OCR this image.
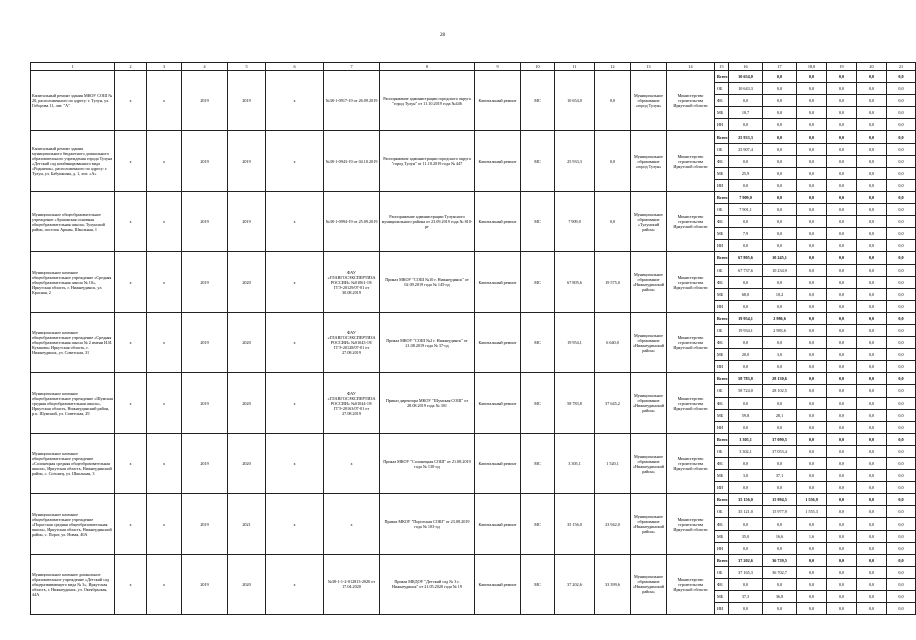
28
1	2	3	4	5	6	7	8	9	10	11	12	13	14	15	16	17	18,0	19	20	21
Капитальный ремонт здания МКОУ СОШ № 20, расположенного по адресу: г. Тулун, ул. Гоборова 11, лит. "А"	х	х	2019	2019	х	№38-1-0917-19 от 26.09.2019	Распоряжение администрации городского округа "город Тулун" от 11.10.2019 года №446	Капитальный ремонт	МС	10 654,0	0,0	Муниципальное образование «город Тулун»	Министерство строительства Иркутской области	Всего	10 654,0	0,0	0,0	0,0	0,0	0,0
														ОБ	10 643,3	0,0	0,0	0,0	0,0	0,0
														ФБ	0,0	0,0	0,0	0,0	0,0	0,0
														МБ	10,7	0,0	0,0	0,0	0,0	0,0
														ИИ	0,0	0,0	0,0	0,0	0,0	0,0
Капитальный ремонт здания муниципального бюджетного дошкольного образовательного учреждения города Тулуна «Детский сад комбинированного вида «Родничок», расположенного по адресу: г. Тулун, ул. Бабушкина, д. 1, лит. «А»	х	х	2019	2019	х	№38-1-0943-19 от 04.10.2019	Распоряжение администрации городского округа "город Тулун" от 11.10.2019 года № 447	Капитальный ремонт	МС	25 933,3	0,0	Муниципальное образование «город Тулун»	Министерство строительства Иркутской области	Всего	25 933,3	0,0	0,0	0,0	0,0	0,0
														ОБ	25 907,4	0,0	0,0	0,0	0,0	0,0
														ФБ	0,0	0,0	0,0	0,0	0,0	0,0
														МБ	25,9	0,0	0,0	0,0	0,0	0,0
														ИИ	0,0	0,0	0,0	0,0	0,0	0,0
Муниципальное общеобразовательное учреждение «Аршанская основная общеобразовательная школа» Тулунский район, поселок Аршан, Школьная, 1	х	х	2019	2019	х	№38-1-0994-19 от 25.09.2019	Распоряжение администрации Тулунского муниципального района от 23.09.2019 года № 810-рг	Капитальный ремонт	МС	7 909,0	0,0	Муниципальное образование «Тулунский район»	Министерство строительства Иркутской области	Всего	7 909,0	0,0	0,0	0,0	0,0	0,0
														ОБ	7 901,1	0,0	0,0	0,0	0,0	0,0
														ФБ	0,0	0,0	0,0	0,0	0,0	0,0
														МБ	7,9	0,0	0,0	0,0	0,0	0,0
														ИИ	0,0	0,0	0,0	0,0	0,0	0,0
Муниципальное казенное общеобразовательное учреждение «Средняя общеобразовательная школа № 10», Иркутская область, г. Нижнеудинск, ул. Красная, 2	х	х	2019	2020	х	ФАУ «ГЛАВГОСЭКСПЕРТИЗА РОССИИ» №01061-19/ГГЭ-20129/07-01 от 30.08.2019	Приказ МКОУ "СОШ №10 г. Нижнеудинск" от 02.09.2019 года № 145-од	Капитальный ремонт	МС	67 805,6	19 575,0	Муниципальное образование «Нижнеудинский район»	Министерство строительства Иркутской области	Всего	67 805,6	10 245,1	0,0	0,0	0,0	0,0
														ОБ	67 737,6	10 234,9	0,0	0,0	0,0	0,0
														ФБ	0,0	0,0	0,0	0,0	0,0	0,0
														МБ	68,0	10,2	0,0	0,0	0,0	0,0
														ИИ	0,0	0,0	0,0	0,0	0,0	0,0
Муниципальное казенное общеобразовательное учреждение «Средняя общеобразовательная школа № 2 имени И.И. Кузакова» Иркутская область, г. Нижнеудинск, ул. Советская, 31	х	х	2019	2020	х	ФАУ «ГЛАВГОСЭКСПЕРТИЗА РОССИИ» №01043-19/ГГЭ-20128/07-01 от 27.08.2019	Приказ МКОУ "СОШ №2 г. Нижнеудинск" от 21.08.2019 года № 37-од	Капитальный ремонт	МС	19 954,1	6 640,0	Муниципальное образование «Нижнеудинский район»	Министерство строительства Иркутской области	Всего	19 954,1	2 986,6	0,0	0,0	0,0	0,0
														ОБ	19 934,1	2 983,6	0,0	0,0	0,0	0,0
														ФБ	0,0	0,0	0,0	0,0	0,0	0,0
														МБ	20,0	3,0	0,0	0,0	0,0	0,0
														ИИ	0,0	0,0	0,0	0,0	0,0	0,0
Муниципальное казенное общеобразовательное учреждение «Шумская средняя общеобразовательная школа», Иркутская область, Нижнеудинский район, р.п. Шумский, ул. Советская, 29	х	х	2019	2020	х	ФАУ «ГЛАВГОСЭКСПЕРТИЗА РОССИИ» №01044-19/ГГЭ-20163/07-01 от 27.08.2019	Приказ директора МКОУ "Шумская СОШ" от 28.08.2019 года № 301	Капитальный ремонт	МС	58 783,8	37 645,2	Муниципальное образование «Нижнеудинский район»	Министерство строительства Иркутской области	Всего	58 783,8	28 130,6	0,0	0,0	0,0	0,0
														ОБ	58 724,0	28 102,5	0,0	0,0	0,0	0,0
														ФБ	0,0	0,0	0,0	0,0	0,0	0,0
														МБ	59,8	28,1	0,0	0,0	0,0	0,0
														ИИ	0,0	0,0	0,0	0,0	0,0	0,0
Муниципальное казенное общеобразовательное учреждение «Солонецкая средняя общеобразовательная школа», Иркутская область, Нижнеудинский район, с. Солонец, ул. Школьная, 3	х	х	2019	2020	х	х	Приказ МКОУ "Солонецкая СОШ" от 21.08.2019 года № 130-од	Капитальный ремонт	МС	3 305,1	1 520,1	Муниципальное образование «Нижнеудинский район»	Министерство строительства Иркутской области	Всего	3 305,1	37 090,5	0,0	0,0	0,0	0,0
														ОБ	3 302,1	37 053,4	0,0	0,0	0,0	0,0
														ФБ	0,0	0,0	0,0	0,0	0,0	0,0
														МБ	3,0	37,1	0,0	0,0	0,0	0,0
														ИИ	0,0	0,0	0,0	0,0	0,0	0,0
Муниципальное казенное общеобразовательное учреждение «Порогская средняя общеобразовательная школа», Иркутская область, Нижнеудинский район, с. Порог, ул. Новая, 40А	х	х	2019	2021	х	х	Приказ МКОУ "Порогская СОШ" от 23.08.2019 года № 103-од	Капитальный ремонт	МС	35 156,0	23 942,0	Муниципальное образование «Нижнеудинский район»	Министерство строительства Иркутской области	Всего	35 156,0	15 994,5	1 556,9	0,0	0,0	0,0
														ОБ	35 121,0	15 977,9	1 555,3	0,0	0,0	0,0
														ФБ	0,0	0,0	0,0	0,0	0,0	0,0
														МБ	35,0	16,6	1,6	0,0	0,0	0,0
														ИИ	0,0	0,0	0,0	0,0	0,0	0,0
Муниципальное казенное дошкольное образовательное учреждение «Детский сад общеразвивающего вида № 3», Иркутская область, г. Нижнеудинск, ул. Октябрьская, 44А	х	х	2019	2020	х	№38-1-1-2-012813-2020 от 17.04.2020	Приказ МКДОУ "Детский сад № 3 г. Нижнеудинск" от 21.05.2020 года № 19	Капитальный ремонт	МС	37 202,6	33 399,6	Муниципальное образование «Нижнеудинский район»	Министерство строительства Иркутской области	Всего	37 202,6	36 739,5	0,0	0,0	0,0	0,0
														ОБ	37 165,3	36 702,7	0,0	0,0	0,0	0,0
														ФБ	0,0	0,0	0,0	0,0	0,0	0,0
														МБ	37,3	36,8	0,0	0,0	0,0	0,0
														ИИ	0,0	0,0	0,0	0,0	0,0	0,0
